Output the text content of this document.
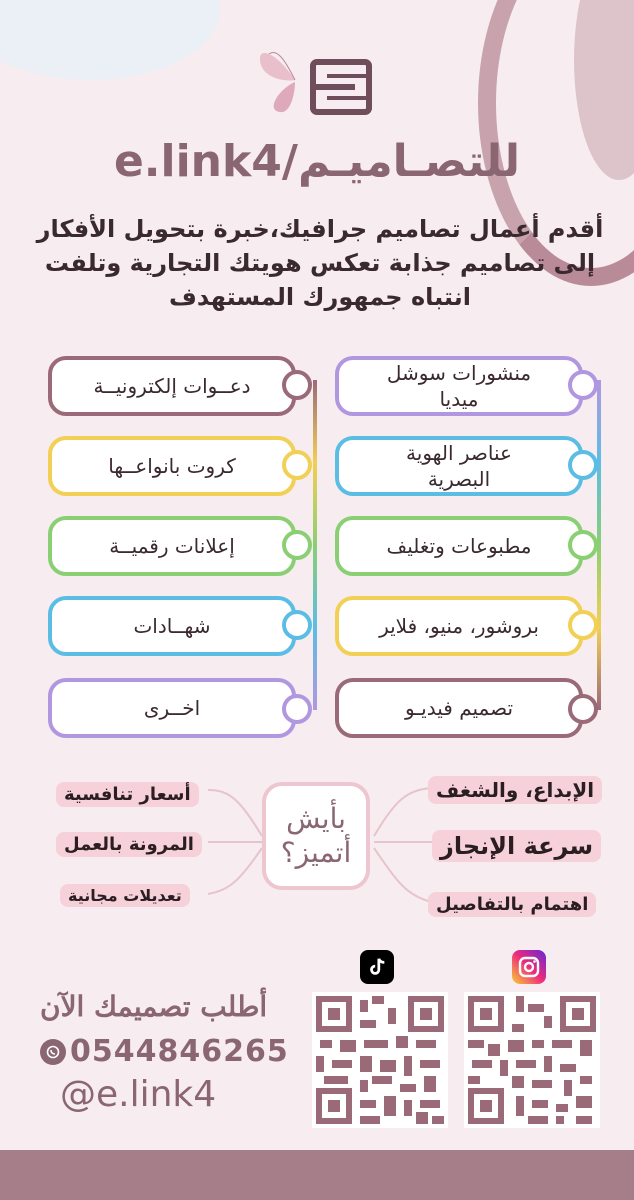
e.link4/للتصـاميـم
أقدم أعمال تصاميم جرافيك،خبرة بتحويل الأفكار إلى تصاميم جذابة تعكس هويتك التجارية وتلفت انتباه جمهورك المستهدف
منشورات سوشل ميديا
عناصر الهوية البصرية
مطبوعات وتغليف
بروشور، منيو، فلاير
تصميم فيديـو
دعــوات إلكترونيــة
كروت بانواعــها
إعلانات رقميــة
شهــادات
اخــرى
بأيش أتميز؟
الإبداع، والشغف
سرعة الإنجاز
اهتمام بالتفاصيل
أسعار تنافسية
المرونة بالعمل
تعديلات مجانية
أطلب تصميمك الآن
0544846265
@e.link4
